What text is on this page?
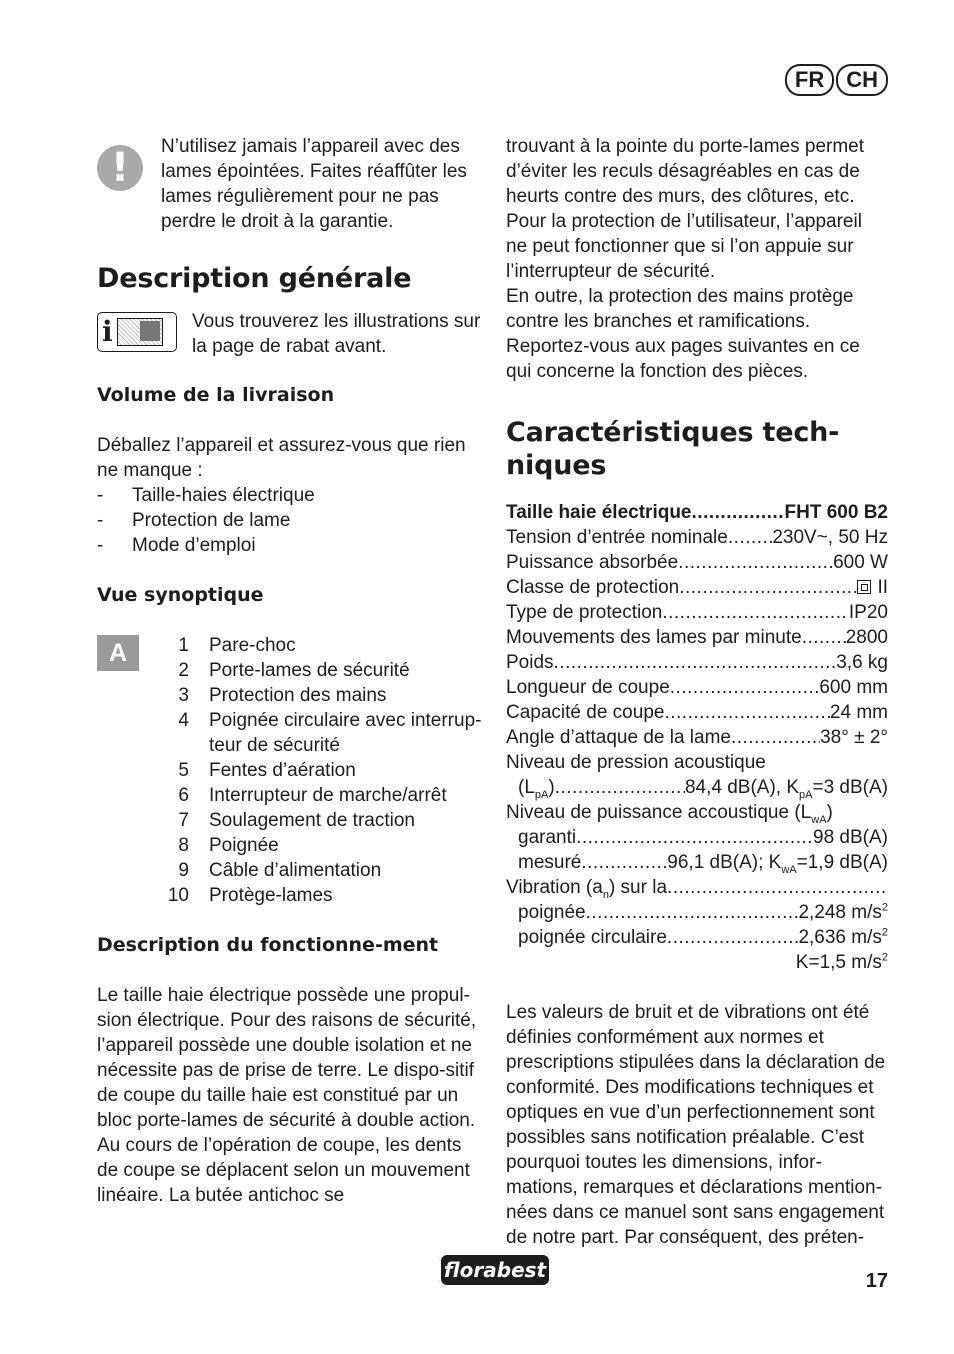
FR	CH
!	N’utilisez jamais l’appareil avec des lames épointées. Faites réaffûter les lames régulièrement pour ne pas perdre le droit à la garantie.

Description générale
i	Vous trouverez les illustrations sur la page de rabat avant.

Volume de la livraison

Déballez l’appareil et assurez-vous que rien ne manque :

- Taille-haies électrique
- Protection de lame
- Mode d’emploi
Vue synoptique
A	1	Pare-choc
2	Porte-lames de sécurité
3	Protection des mains
4	Poignée circulaire avec interrup-teur de sécurité
5	Fentes d’aération
6	Interrupteur de marche/arrêt
7	Soulagement de traction
8	Poignée
9	Câble d’alimentation
10	Protège-lames
Description du fonctionne-ment

Le taille haie électrique possède une propul-sion électrique. Pour des raisons de sécurité, l’appareil possède une double isolation et ne nécessite pas de prise de terre. Le dispo-sitif de coupe du taille haie est constitué par un bloc porte-lames de sécurité à double action. Au cours de l’opération de coupe, les dents de coupe se déplacent selon un mouvement linéaire. La butée antichoc se

trouvant à la pointe du porte-lames permet d’éviter les reculs désagréables en cas de heurts contre des murs, des clôtures, etc. Pour la protection de l’utilisateur, l’appareil ne peut fonctionner que si l’on appuie sur l’interrupteur de sécurité.

En outre, la protection des mains protège contre les branches et ramifications.

Reportez-vous aux pages suivantes en ce qui concerne la fonction des pièces.

Caractéristiques tech-niques
Taille haie électrique .....	FHT 600 B2
Tension d’entrée nominale ..... 230V~, 50 Hz
Puissance absorbée .....	600 W
Classe de protection .....	II
Type de protection .....	IP20
Mouvements des lames par minute ..... 2800
Poids .....	3,6 kg
Longueur de coupe .....	600 mm
Capacité de coupe .....	24 mm
Angle d’attaque de la lame .....	38° ± 2°
Niveau de pression acoustique
$(L_{pA})$ .....	84,4 dB(A), $K_{pA}=3$ dB(A)
Niveau de puissance accoustique $(L_{wA})$
garanti .....	98 dB(A)
mesuré .....	96,1 dB(A); $K_{wA}=1,9$ dB(A)
Vibration $(a_n)$ sur la
.....
poignée .....	2,248 $m/s^2$
poignée circulaire .....	2,636 $m/s^2$
K=1,5 $m/s^2$

Les valeurs de bruit et de vibrations ont été définies conformément aux normes et prescriptions stipulées dans la déclaration de conformité. Des modifications techniques et optiques en vue d’un perfectionnement sont possibles sans notification préalable. C’est pourquoi toutes les dimensions, infor-mations, remarques et déclarations mention-nées dans ce manuel sont sans engagement de notre part. Par conséquent, des préten-

florabest	17
